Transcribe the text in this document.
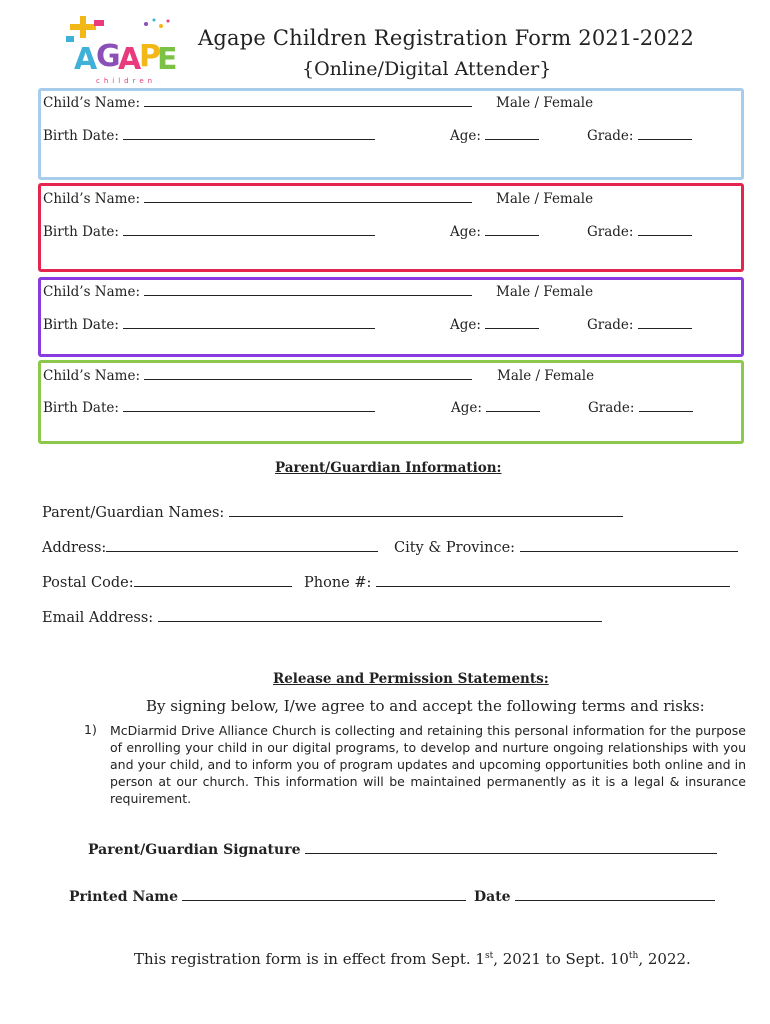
A
G
A
P
E
children
Agape Children Registration Form 2021-2022
{Online/Digital Attender}
Child’s Name:	Male / Female
Birth Date:	Age:	Grade:
Child’s Name:	Male / Female
Birth Date:	Age:	Grade:
Child’s Name:	Male / Female
Birth Date:	Age:	Grade:
Child’s Name:	Male / Female
Birth Date:	Age:	Grade:
Parent/Guardian Information:
Parent/Guardian Names:
Address:	City & Province:
Postal Code:	Phone #:
Email Address:
Release and Permission Statements:
By signing below, I/we agree to and accept the following terms and risks:
1) McDiarmid Drive Alliance Church is collecting and retaining this personal information for the purpose of enrolling your child in our digital programs, to develop and nurture ongoing relationships with you and your child, and to inform you of program updates and upcoming opportunities both online and in person at our church. This information will be maintained permanently as it is a legal & insurance requirement.
Parent/Guardian Signature
Printed Name	Date
This registration form is in effect from Sept. 1st, 2021 to Sept. 10th, 2022.
